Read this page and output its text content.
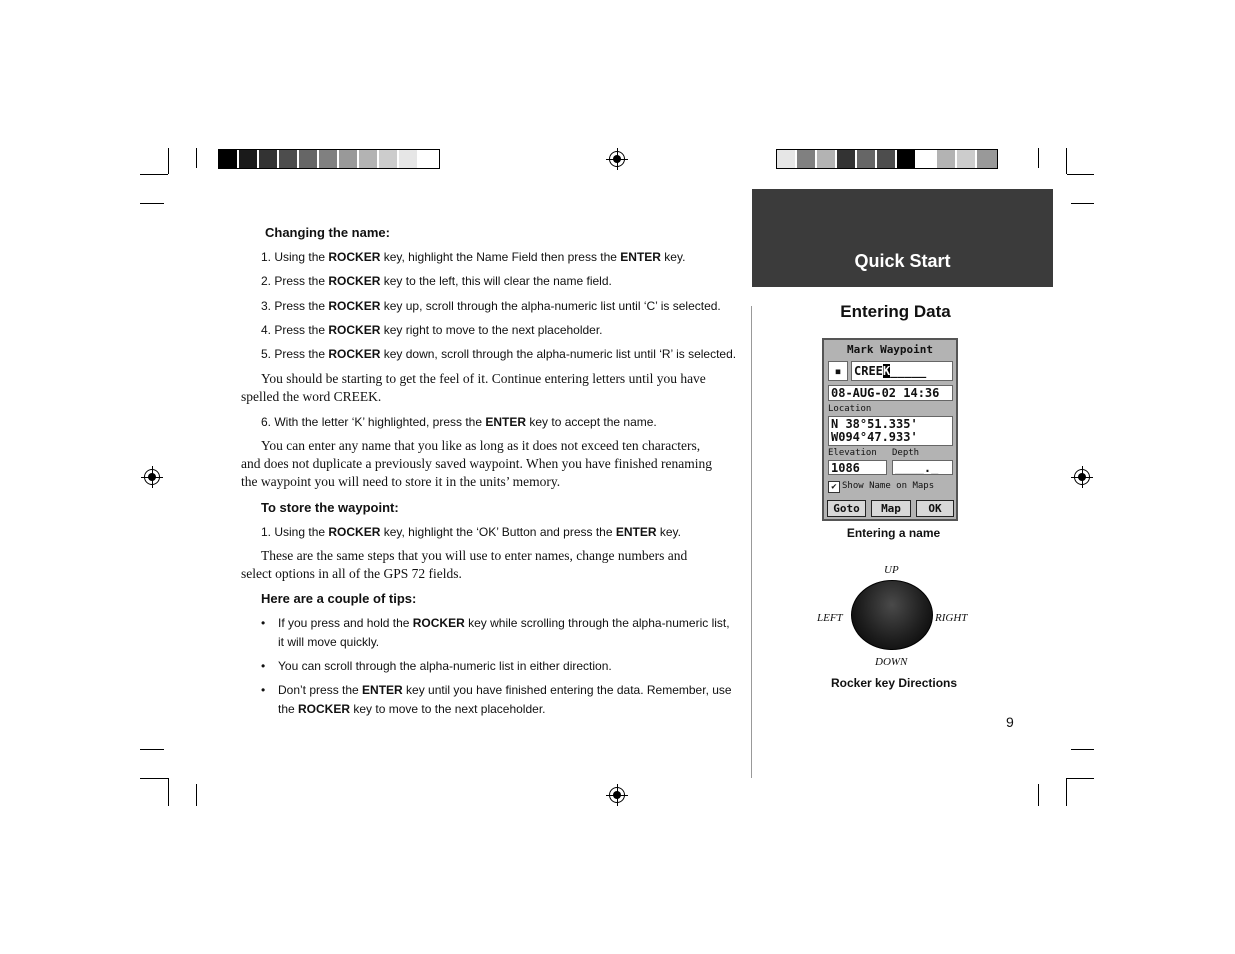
Changing the name:
1. Using the ROCKER key, highlight the Name Field then press the ENTER key.
2. Press the ROCKER key to the left, this will clear the name field.
3. Press the ROCKER key up, scroll through the alpha-numeric list until ‘C’ is selected.
4. Press the ROCKER key right to move to the next placeholder.
5. Press the ROCKER key down, scroll through the alpha-numeric list until ‘R’ is selected.
You should be starting to get the feel of it. Continue entering letters until you have spelled the word CREEK.
6. With the letter ‘K’ highlighted, press the ENTER key to accept the name.
You can enter any name that you like as long as it does not exceed ten characters, and does not duplicate a previously saved waypoint. When you have finished renaming the waypoint you will need to store it in the units’ memory.
To store the waypoint:
1. Using the ROCKER key, highlight the ‘OK’ Button and press the ENTER key.
These are the same steps that you will use to enter names, change numbers and select options in all of the GPS 72 fields.
Here are a couple of tips:
• If you press and hold the ROCKER key while scrolling through the alpha-numeric list, it will move quickly.
• You can scroll through the alpha-numeric list in either direction.
• Don’t press the ENTER key until you have finished entering the data. Remember, use the ROCKER key to move to the next placeholder.
Quick Start
Entering Data
Mark Waypoint
▪	CREEK_____
08-AUG-02 14:36
Location
N 38°51.335'
W094°47.933'
Elevation Depth
1086	____._
✔ Show Name on Maps
Goto	Map	OK
Entering a name
UP
LEFT	RIGHT
DOWN
Rocker key Directions
9
